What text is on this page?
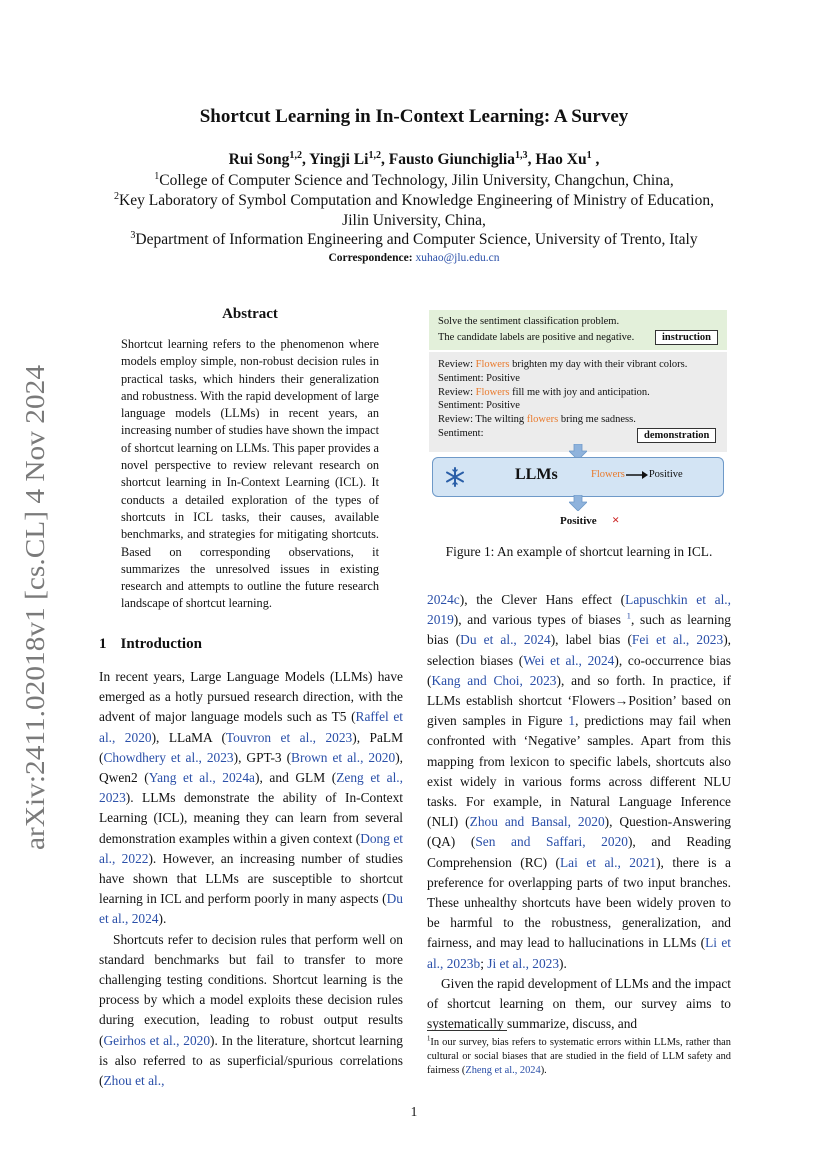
arXiv:2411.02018v1 [cs.CL] 4 Nov 2024
Shortcut Learning in In-Context Learning: A Survey
Rui Song$^{1,2}$, Yingji Li$^{1,2}$, Fausto Giunchiglia$^{1,3}$, Hao Xu$^1$ ,
$^1$College of Computer Science and Technology, Jilin University, Changchun, China,
$^2$Key Laboratory of Symbol Computation and Knowledge Engineering of Ministry of Education,
Jilin University, China,
$^3$Department of Information Engineering and Computer Science, University of Trento, Italy
Correspondence: xuhao@jlu.edu.cn
Abstract

Shortcut learning refers to the phenomenon where models employ simple, non-robust decision rules in practical tasks, which hinders their generalization and robustness. With the rapid development of large language models (LLMs) in recent years, an increasing number of studies have shown the impact of shortcut learning on LLMs. This paper provides a novel perspective to review relevant research on shortcut learning in In-Context Learning (ICL). It conducts a detailed exploration of the types of shortcuts in ICL tasks, their causes, available benchmarks, and strategies for mitigating shortcuts. Based on corresponding observations, it summarizes the unresolved issues in existing research and attempts to outline the future research landscape of shortcut learning.

1 Introduction

In recent years, Large Language Models (LLMs) have emerged as a hotly pursued research direction, with the advent of major language models such as T5 (Raffel et al., 2020), LLaMA (Touvron et al., 2023), PaLM (Chowdhery et al., 2023), GPT-3 (Brown et al., 2020), Qwen2 (Yang et al., 2024a), and GLM (Zeng et al., 2023). LLMs demonstrate the ability of In-Context Learning (ICL), meaning they can learn from several demonstration examples within a given context (Dong et al., 2022). However, an increasing number of studies have shown that LLMs are susceptible to shortcut learning in ICL and perform poorly in many aspects (Du et al., 2024).

Shortcuts refer to decision rules that perform well on standard benchmarks but fail to transfer to more challenging testing conditions. Shortcut learning is the process by which a model exploits these decision rules during execution, leading to robust output results (Geirhos et al., 2020). In the literature, shortcut learning is also referred to as superficial/spurious correlations (Zhou et al.,

Solve the sentiment classification problem.
The candidate labels are positive and negative.	instruction
Review: Flowers brighten my day with their vibrant colors.
Sentiment: Positive
Review: Flowers fill me with joy and anticipation.
Sentiment: Positive
Review: The wilting flowers bring me sadness.
Sentiment:	demonstration
LLMs	Flowers Positive
Positive ×
Figure 1: An example of shortcut learning in ICL.

2024c), the Clever Hans effect (Lapuschkin et al., 2019), and various types of biases $^1$, such as learning bias (Du et al., 2024), label bias (Fei et al., 2023), selection biases (Wei et al., 2024), co-occurrence bias (Kang and Choi, 2023), and so forth. In practice, if LLMs establish shortcut ‘Flowers→Position’ based on given samples in Figure 1, predictions may fail when confronted with ‘Negative’ samples. Apart from this mapping from lexicon to specific labels, shortcuts also exist widely in various forms across different NLU tasks. For example, in Natural Language Inference (NLI) (Zhou and Bansal, 2020), Question-Answering (QA) (Sen and Saffari, 2020), and Reading Comprehension (RC) (Lai et al., 2021), there is a preference for overlapping parts of two input branches. These unhealthy shortcuts have been widely proven to be harmful to the robustness, generalization, and fairness, and may lead to hallucinations in LLMs (Li et al., 2023b; Ji et al., 2023).

Given the rapid development of LLMs and the impact of shortcut learning on them, our survey aims to systematically summarize, discuss, and

$^1$In our survey, bias refers to systematic errors within LLMs, rather than cultural or social biases that are studied in the field of LLM safety and fairness (Zheng et al., 2024).
1
